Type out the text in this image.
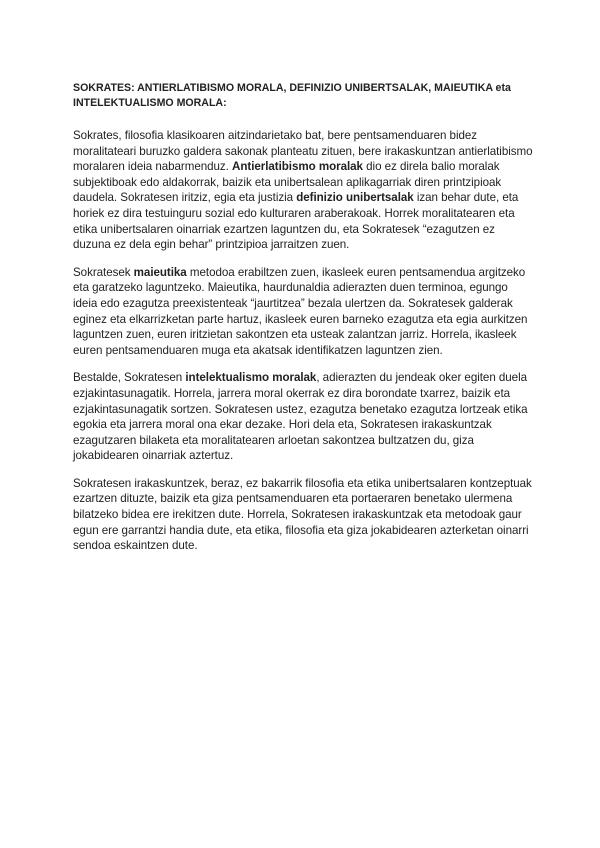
SOKRATES: ANTIERLATIBISMO MORALA, DEFINIZIO UNIBERTSALAK, MAIEUTIKA eta INTELEKTUALISMO MORALA:

Sokrates, filosofia klasikoaren aitzindarietako bat, bere pentsamenduaren bidez moralitateari buruzko galdera sakonak planteatu zituen, bere irakaskuntzan antierlatibismo moralaren ideia nabarmenduz. Antierlatibismo moralak dio ez direla balio moralak subjektiboak edo aldakorrak, baizik eta unibertsalean aplikagarriak diren printzipioak daudela. Sokratesen iritziz, egia eta justizia definizio unibertsalak izan behar dute, eta horiek ez dira testuinguru sozial edo kulturaren araberakoak. Horrek moralitatearen eta etika unibertsalaren oinarriak ezartzen laguntzen du, eta Sokratesek “ezagutzen ez duzuna ez dela egin behar” printzipioa jarraitzen zuen.

Sokratesek maieutika metodoa erabiltzen zuen, ikasleek euren pentsamendua argitzeko eta garatzeko laguntzeko. Maieutika, haurdunaldia adierazten duen terminoa, egungo ideia edo ezagutza preexistenteak “jaurtitzea” bezala ulertzen da. Sokratesek galderak eginez eta elkarrizketan parte hartuz, ikasleek euren barneko ezagutza eta egia aurkitzen laguntzen zuen, euren iritzietan sakontzen eta usteak zalantzan jarriz. Horrela, ikasleek euren pentsamenduaren muga eta akatsak identifikatzen laguntzen zien.

Bestalde, Sokratesen intelektualismo moralak, adierazten du jendeak oker egiten duela ezjakintasunagatik. Horrela, jarrera moral okerrak ez dira borondate txarrez, baizik eta ezjakintasunagatik sortzen. Sokratesen ustez, ezagutza benetako ezagutza lortzeak etika egokia eta jarrera moral ona ekar dezake. Hori dela eta, Sokratesen irakaskuntzak ezagutzaren bilaketa eta moralitatearen arloetan sakontzea bultzatzen du, giza jokabidearen oinarriak aztertuz.

Sokratesen irakaskuntzek, beraz, ez bakarrik filosofia eta etika unibertsalaren kontzeptuak ezartzen dituzte, baizik eta giza pentsamenduaren eta portaeraren benetako ulermena bilatzeko bidea ere irekitzen dute. Horrela, Sokratesen irakaskuntzak eta metodoak gaur egun ere garrantzi handia dute, eta etika, filosofia eta giza jokabidearen azterketan oinarri sendoa eskaintzen dute.
